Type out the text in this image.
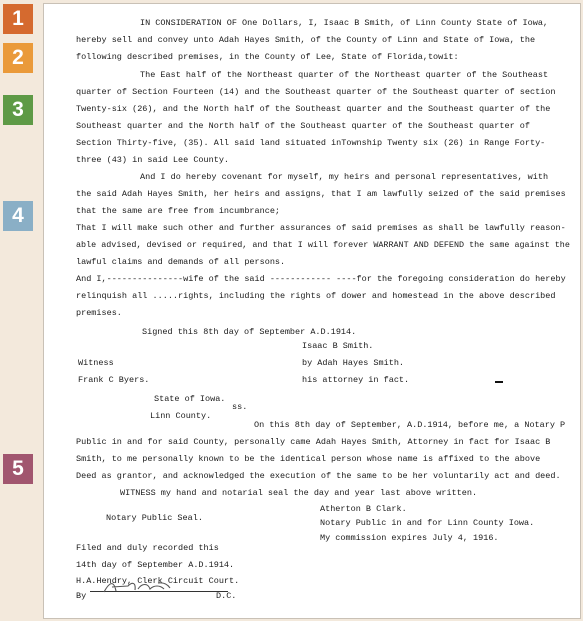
1
2
3
4
5
IN CONSIDERATION OF One Dollars, I, Isaac B Smith, of Linn County State of Iowa,
hereby sell and convey unto Adah Hayes Smith, of the County of Linn and State of Iowa, the
following described premises, in the County of Lee, State of Florida,towit:
The East half of the Northeast quarter of the Northeast quarter of the Southeast
quarter of Section Fourteen (14) and the Southeast quarter of the Southeast quarter of section
Twenty-six (26), and the North half of the Southeast quarter and the Southeast quarter of the
Southeast quarter and the North half of the Southeast quarter of the Southeast quarter of
Section Thirty-five, (35). All said land situated inTownship Twenty six (26) in Range Forty-
three (43) in said Lee County.
And I do hereby covenant for myself, my heirs and personal representatives, with
the said Adah Hayes Smith, her heirs and assigns, that I am lawfully seized of the said premises
that the same are free from incumbrance;
That I will make such other and further assurances of said premises as shall be lawfully reason-
able advised, devised or required, and that I will forever WARRANT AND DEFEND the same against the
lawful claims and demands of all persons.
And I,---------------wife of the said ------------ ----for the foregoing consideration do hereby
relinquish all .....rights, including the rights of dower and homestead in the above described
premises.
Signed this 8th day of September A.D.1914.
Isaac B Smith.
by Adah Hayes Smith.
his attorney in fact.
Witness
Frank C Byers.
State of Iowa.
ss.
Linn County.
On this 8th day of September, A.D.1914, before me, a Notary P
Public in and for said County, personally came Adah Hayes Smith, Attorney in fact for Isaac B
Smith, to me personally known to be the identical person whose name is affixed to the above
Deed as grantor, and acknowledged the execution of the same to be her voluntarily act and deed.
WITNESS my hand and notarial seal the day and year last above written.
Atherton B Clark.
Notary Public Seal.	Notary Public in and for Linn County Iowa.
My commission expires July 4, 1916.
Filed and duly recorded this
14th day of September A.D.1914.
H.A.Hendry, Clerk Circuit Court.
By	D.C.
